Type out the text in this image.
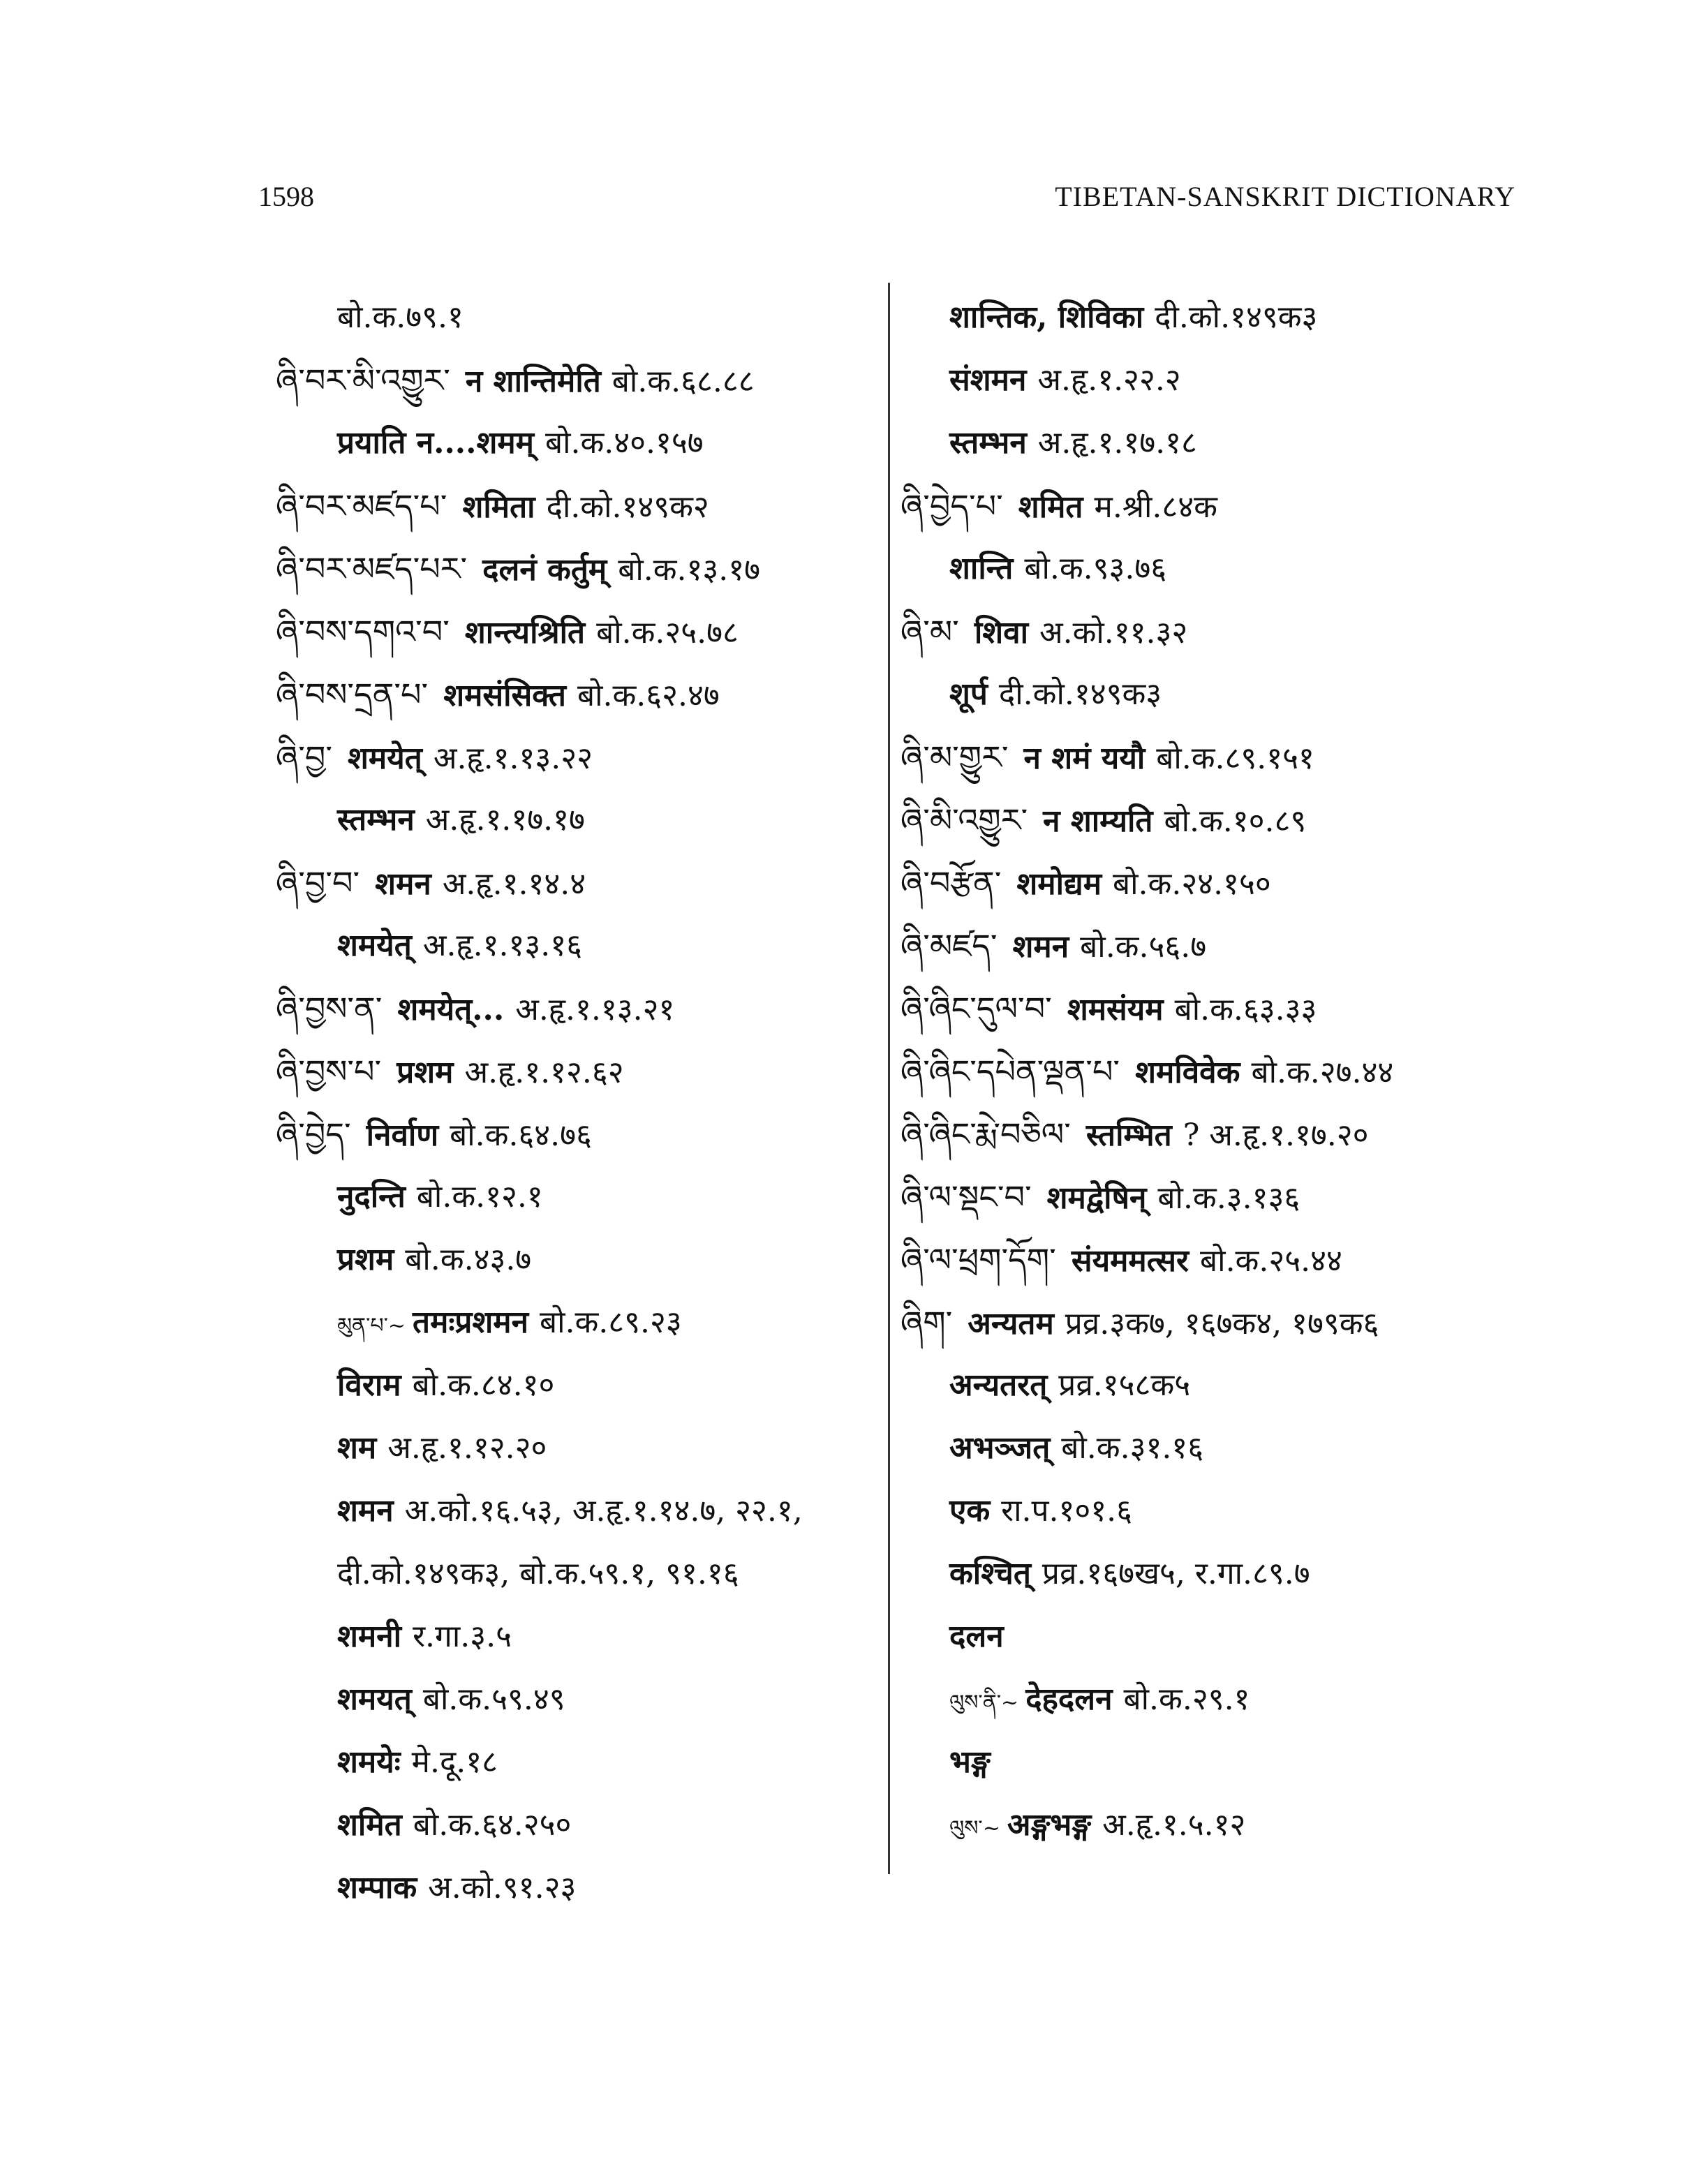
1598	TIBETAN-SANSKRIT DICTIONARY
बो.क.७९.१
ཞི་བར་མི་འགྱུར་ न शान्तिमेति बो.क.६८.८८
प्रयाति न....शमम् बो.क.४०.१५७
ཞི་བར་མཛད་པ་ शमिता दी.को.१४९क२
ཞི་བར་མཛད་པར་ दलनं कर्तुम् बो.क.१३.१७
ཞི་བས་དགའ་བ་ शान्त्यश्रिति बो.क.२५.७८
ཞི་བས་དྲན་པ་ शमसंसिक्त बो.क.६२.४७
ཞི་བྱ་ शमयेत् अ.हृ.१.१३.२२
स्तम्भन अ.हृ.१.१७.१७
ཞི་བྱ་བ་ शमन अ.हृ.१.१४.४
शमयेत् अ.हृ.१.१३.१६
ཞི་བྱས་ན་ शमयेत्... अ.हृ.१.१३.२१
ཞི་བྱས་པ་ प्रशम अ.हृ.१.१२.६२
ཞི་བྱེད་ निर्वाण बो.क.६४.७६
नुदन्ति बो.क.१२.१
प्रशम बो.क.४३.७
མུན་པ་~ तमःप्रशमन बो.क.८९.२३
विराम बो.क.८४.१०
शम अ.हृ.१.१२.२०
शमन अ.को.१६.५३, अ.हृ.१.१४.७, २२.१,
दी.को.१४९क३, बो.क.५९.१, ९१.१६
शमनी र.गा.३.५
शमयत् बो.क.५९.४९
शमयेः मे.दू.१८
शमित बो.क.६४.२५०
शम्पाक अ.को.९१.२३
शान्तिक, शिविका दी.को.१४९क३
संशमन अ.हृ.१.२२.२
स्तम्भन अ.हृ.१.१७.१८
ཞི་བྱེད་པ་ शमित म.श्री.८४क
शान्ति बो.क.९३.७६
ཞི་མ་ शिवा अ.को.११.३२
शूर्प दी.को.१४९क३
ཞི་མ་གྱུར་ न शमं ययौ बो.क.८९.१५१
ཞི་མི་འགྱུར་ न शाम्यति बो.क.१०.८९
ཞི་བརྩོན་ शमोद्यम बो.क.२४.१५०
ཞི་མཛད་ शमन बो.क.५६.७
ཞི་ཞིང་དུལ་བ་ शमसंयम बो.क.६३.३३
ཞི་ཞིང་དཔེན་ལྡན་པ་ शमविवेक बो.क.२७.४४
ཞི་ཞིང་རྨེ་བཅིལ་ स्तम्भित ? अ.हृ.१.१७.२०
ཞི་ལ་སྡང་བ་ शमद्वेषिन् बो.क.३.१३६
ཞི་ལ་ཕྲག་དོག་ संयममत्सर बो.क.२५.४४
ཞིག་ अन्यतम प्रव्र.३क७, १६७क४, १७९क६
अन्यतरत् प्रव्र.१५८क५
अभञ्जत् बो.क.३१.१६
एक रा.प.१०१.६
कश्चित् प्रव्र.१६७ख५, र.गा.८९.७
दलन
ལུས་ནི་~ देहदलन बो.क.२९.१
भङ्ग
ལུས་~ अङ्गभङ्ग अ.हृ.१.५.१२
